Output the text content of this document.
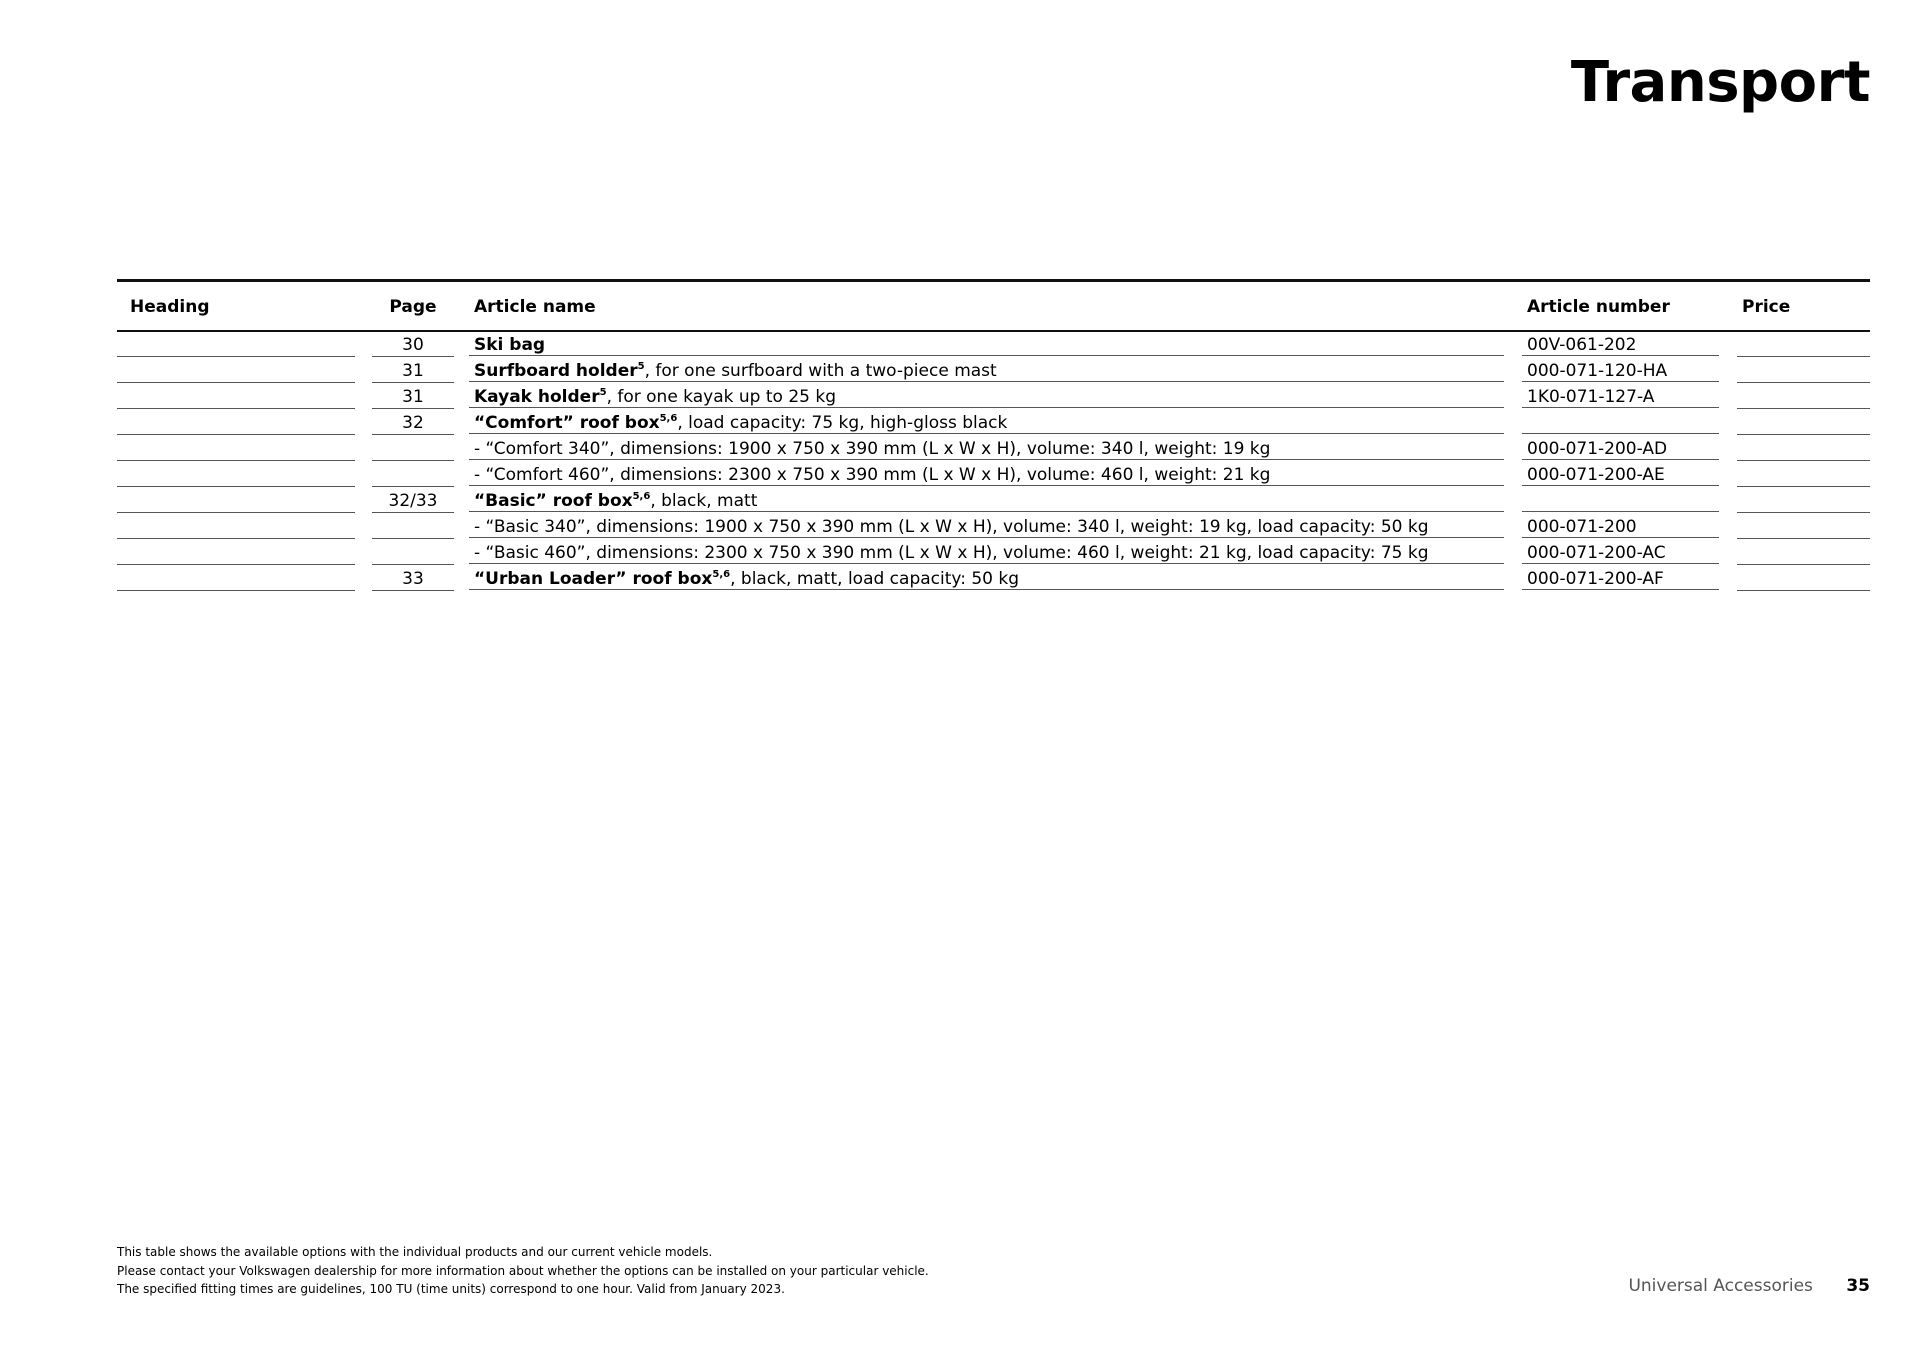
Transport
Heading	Page	Article name	Article number	Price
30	Ski bag	00V-061-202
31	Surfboard holder$^5$, for one surfboard with a two-piece mast	000-071-120-HA
31	Kayak holder$^5$, for one kayak up to 25 kg	1K0-071-127-A
32	“Comfort” roof box$^{5,6}$, load capacity: 75 kg, high-gloss black
- “Comfort 340”, dimensions: 1900 x 750 x 390 mm (L x W x H), volume: 340 l, weight: 19 kg	000-071-200-AD
- “Comfort 460”, dimensions: 2300 x 750 x 390 mm (L x W x H), volume: 460 l, weight: 21 kg	000-071-200-AE
32/33	“Basic” roof box$^{5,6}$, black, matt
- “Basic 340”, dimensions: 1900 x 750 x 390 mm (L x W x H), volume: 340 l, weight: 19 kg, load capacity: 50 kg	000-071-200
- “Basic 460”, dimensions: 2300 x 750 x 390 mm (L x W x H), volume: 460 l, weight: 21 kg, load capacity: 75 kg	000-071-200-AC
33	“Urban Loader” roof box$^{5,6}$, black, matt, load capacity: 50 kg	000-071-200-AF

This table shows the available options with the individual products and our current vehicle models.

Please contact your Volkswagen dealership for more information about whether the options can be installed on your particular vehicle.

The specified fitting times are guidelines, 100 TU (time units) correspond to one hour. Valid from January 2023.	Universal Accessories 35
